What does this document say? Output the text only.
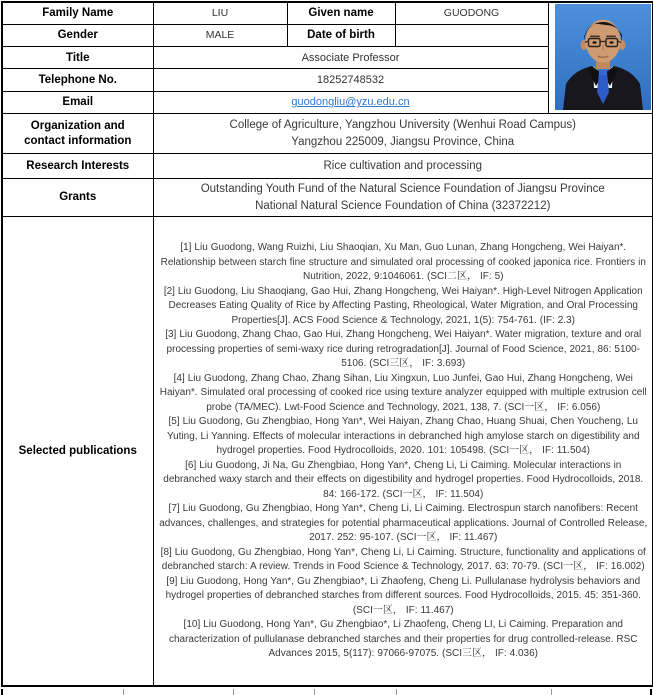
Family Name	LIU	Given name	GUODONG	

Gender	MALE	Date of birth		
Title	Associate Professor			
Telephone No.	18252748532			
Email	guodongliu@yzu.edu.cn			
Organization and contact information	College of Agriculture, Yangzhou University (Wenhui Road Campus)
Yangzhou 225009, Jiangsu Province, China			

Research Interests	Rice cultivation and processing			
Grants	Outstanding Youth Fund of the Natural Science Foundation of Jiangsu Province
National Natural Science Foundation of China (32372212)			

Selected publications	

[1] Liu Guodong, Wang Ruizhi, Liu Shaoqian, Xu Man, Guo Lunan, Zhang Hongcheng, Wei Haiyan*. Relationship between starch fine structure and simulated oral processing of cooked japonica rice. Frontiers in Nutrition, 2022, 9:1046061. (SCI二区， IF: 5)

[2] Liu Guodong, Liu Shaoqiang, Gao Hui, Zhang Hongcheng, Wei Haiyan*. High-Level Nitrogen Application Decreases Eating Quality of Rice by Affecting Pasting, Rheological, Water Migration, and Oral Processing Properties[J]. ACS Food Science & Technology, 2021, 1(5): 754-761. (IF: 2.3)

[3] Liu Guodong, Zhang Chao, Gao Hui, Zhang Hongcheng, Wei Haiyan*. Water migration, texture and oral processing properties of semi-waxy rice during retrogradation[J]. Journal of Food Science, 2021, 86: 5100-5106. (SCI三区， IF: 3.693)

[4] Liu Guodong, Zhang Chao, Zhang Sihan, Liu Xingxun, Luo Junfei, Gao Hui, Zhang Hongcheng, Wei Haiyan*. Simulated oral processing of cooked rice using texture analyzer equipped with multiple extrusion cell probe (TA/MEC). Lwt-Food Science and Technology, 2021, 138, 7. (SCI一区， IF: 6.056)

[5] Liu Guodong, Gu Zhengbiao, Hong Yan*, Wei Haiyan, Zhang Chao, Huang Shuai, Chen Youcheng, Lu Yuting, Li Yanning. Effects of molecular interactions in debranched high amylose starch on digestibility and hydrogel properties. Food Hydrocolloids, 2020. 101: 105498. (SCI一区， IF: 11.504)

[6] Liu Guodong, Ji Na, Gu Zhengbiao, Hong Yan*, Cheng Li, Li Caiming. Molecular interactions in debranched waxy starch and their effects on digestibility and hydrogel properties. Food Hydrocolloids, 2018. 84: 166-172. (SCI一区， IF: 11.504)

[7] Liu Guodong, Gu Zhengbiao, Hong Yan*, Cheng Li, Li Caiming. Electrospun starch nanofibers: Recent advances, challenges, and strategies for potential pharmaceutical applications. Journal of Controlled Release, 2017. 252: 95-107. (SCI一区， IF: 11.467)

[8] Liu Guodong, Gu Zhengbiao, Hong Yan*, Cheng Li, Li Caiming. Structure, functionality and applications of debranched starch: A review. Trends in Food Science & Technology, 2017. 63: 70-79. (SCI一区， IF: 16.002)

[9] Liu Guodong, Hong Yan*, Gu Zhengbiao*, Li Zhaofeng, Cheng Li. Pullulanase hydrolysis behaviors and hydrogel properties of debranched starches from different sources. Food Hydrocolloids, 2015. 45: 351-360. (SCI一区， IF: 11.467)

[10] Liu Guodong, Hong Yan*, Gu Zhengbiao*, Li Zhaofeng, Cheng LI, Li Caiming. Preparation and characterization of pullulanase debranched starches and their properties for drug controlled-release. RSC Advances 2015, 5(117): 97066-97075. (SCI三区， IF: 4.036)
